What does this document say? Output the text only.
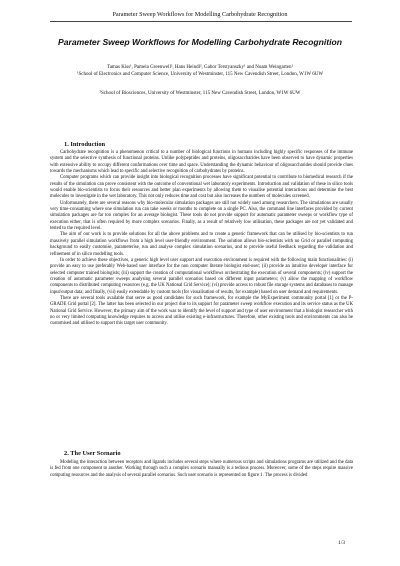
Parameter Sweep Workflows for Modelling Carbohydrate Recognition
Parameter Sweep Workflows for Modelling Carbohydrate Recognition
Tamas Kiss¹, Pamela Greenwell², Hans Heindl², Gabor Terstyanszky¹ and Noam Weingarten¹
¹School of Electronics and Computer Science, University of Westminster, 115 New Cavendish Street, London, W1W 6UW
²School of Biosciences, University of Westminster, 115 New Cavendish Street, London, W1W 6UW
1. Introduction

Carbohydrate recognition is a phenomenon critical to a number of biological functions in humans including highly specific responses of the immune system and the selective synthesis of functional proteins. Unlike polypeptides and proteins, oligosaccharides have been observed to have dynamic properties with extensive ability to occupy different conformations over time and space. Understanding the dynamic behaviour of oligosaccharides should provide clues towards the mechanisms which lead to specific and selective recognition of carbohydrates by proteins.

Computer programs which can provide insight into biological recognition processes have significant potential to contribute to biomedical research if the results of the simulation can prove consistent with the outcome of conventional wet laboratory experiments. Introduction and validation of these in silico tools would enable bio-scientists to focus their resources and better plan experiments by allowing them to visualise potential interactions and determine the best molecules to investigate in the wet laboratory. This not only reduces time and cost but also increases the numbers of molecules screened.

Unfortunately, there are several reasons why bio-molecular simulation packages are still not widely used among researchers. The simulations are usually very time-consuming where one simulation run can take weeks or months to complete on a single PC. Also, the command line interfaces provided by current simulation packages are far too complex for an average biologist. These tools do not provide support for automatic parameter sweeps or workflow type of execution either, that is often required by more complex scenarios. Finally, as a result of relatively low utilisation, these packages are not yet validated and tested to the required level.

The aim of our work is to provide solutions for all the above problems and to create a generic framework that can be utilised by bio-scientists to run massively parallel simulation workflows from a high level user-friendly environment. The solution allows bio-scientists with no Grid or parallel computing background to easily customise, parameterise, run and analyse complex simulation scenarios, and to provide useful feedback regarding the validation and refinement of in silico modelling tools.

In order to achieve these objectives, a generic high level user support and execution environment is required with the following main functionalities: (i) provide an easy to use preferably Web-based user interface for the non computer literate biologist end-user; (ii) provide an intuitive developer interface for selected computer trained biologists; (iii) support the creation of computational workflows orchestrating the execution of several components; (iv) support the creation of automatic parameter sweeps analysing several parallel scenarios based on different input parameters; (v) allow the mapping of workflow components to distributed computing resources (e.g. the UK National Grid Service); (vi) provide access to robust file storage systems and databases to manage input/output data; and finally, (vii) easily extendable by custom tools (for visualisation of results, for example) based on user demand and requirements.

There are several tools available that serve as good candidates for such framework, for example the MyExperiment community portal [1] or the P-GRADE Grid portal [2]. The latter has been selected in our project due to its support for parameter sweep workflow execution and its service status as the UK National Grid Service. However, the primary aim of the work was to identify the level of support and type of user environment that a biologist researcher with no or very limited computing knowledge requires to access and utilise existing e-infrastructures. Therefore, other existing tools and environments can also be customised and utilised to support this target user community.

2. The User Scenario

Modeling the interaction between receptors and ligands includes several steps where numerous scripts and simulations programs are utilized and the data is fed from one component to another. Working through such a complex scenario manually is a tedious process. Moreover, some of the steps require massive computing resources and the analysis of several parallel scenarios. Such user scenario is represented on figure 1. The process is divided

1/3
